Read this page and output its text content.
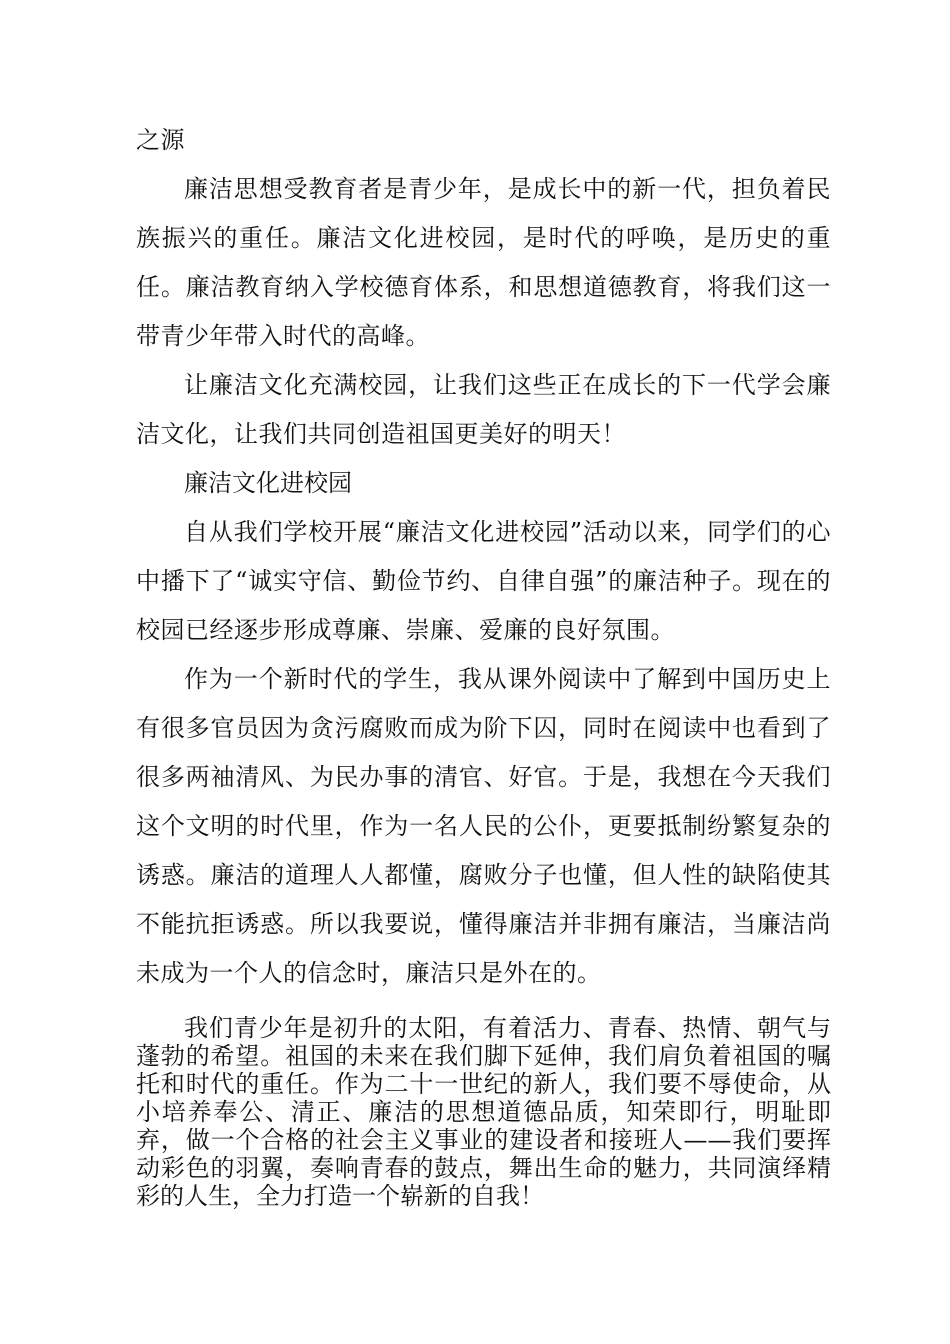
之源

廉洁思想受教育者是青少年，是成长中的新一代，担负着民族振兴的重任。廉洁文化进校园，是时代的呼唤，是历史的重任。廉洁教育纳入学校德育体系，和思想道德教育，将我们这一带青少年带入时代的高峰。

让廉洁文化充满校园，让我们这些正在成长的下一代学会廉洁文化，让我们共同创造祖国更美好的明天！

廉洁文化进校园

自从我们学校开展“廉洁文化进校园”活动以来，同学们的心中播下了“诚实守信、勤俭节约、自律自强”的廉洁种子。现在的校园已经逐步形成尊廉、崇廉、爱廉的良好氛围。

作为一个新时代的学生，我从课外阅读中了解到中国历史上有很多官员因为贪污腐败而成为阶下囚，同时在阅读中也看到了很多两袖清风、为民办事的清官、好官。于是，我想在今天我们这个文明的时代里，作为一名人民的公仆，更要抵制纷繁复杂的诱惑。廉洁的道理人人都懂，腐败分子也懂，但人性的缺陷使其不能抗拒诱惑。所以我要说，懂得廉洁并非拥有廉洁，当廉洁尚未成为一个人的信念时，廉洁只是外在的。

我们青少年是初升的太阳，有着活力、青春、热情、朝气与蓬勃的希望。祖国的未来在我们脚下延伸，我们肩负着祖国的嘱托和时代的重任。作为二十一世纪的新人，我们要不辱使命，从小培养奉公、清正、廉洁的思想道德品质，知荣即行，明耻即弃，做一个合格的社会主义事业的建设者和接班人——我们要挥动彩色的羽翼，奏响青春的鼓点，舞出生命的魅力，共同演绎精彩的人生，全力打造一个崭新的自我！
